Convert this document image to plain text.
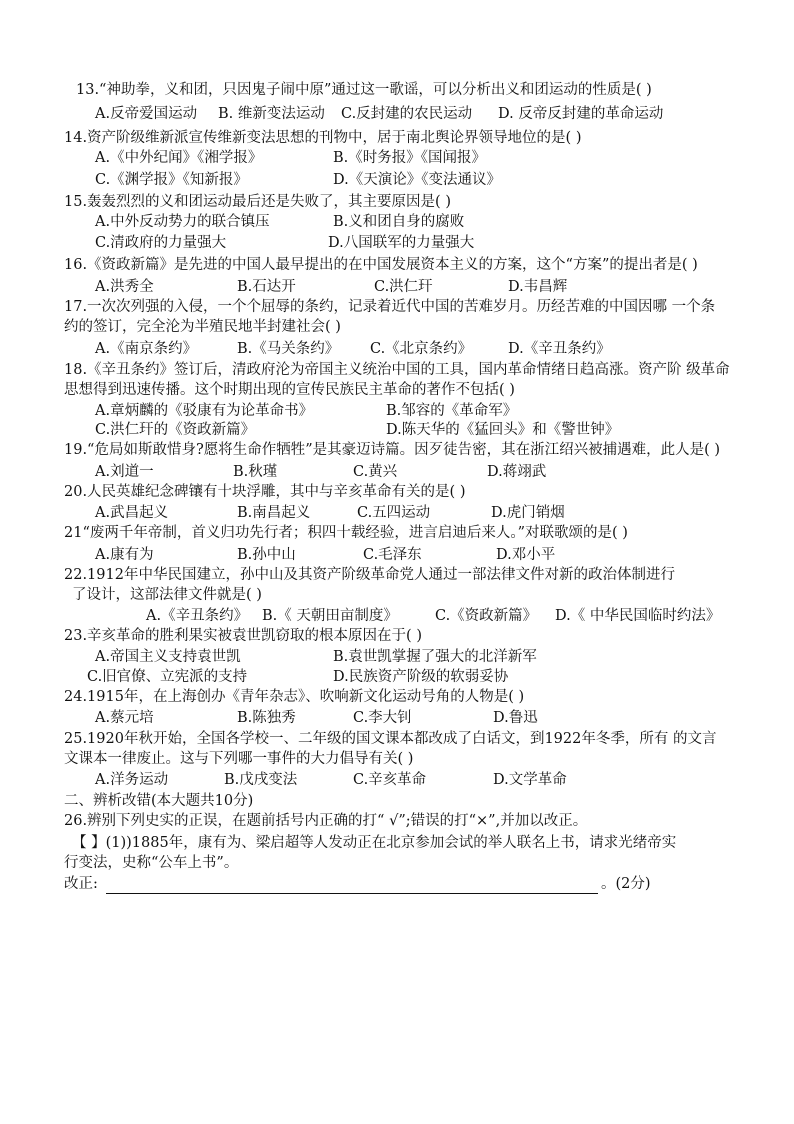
13.“神助拳，义和团，只因鬼子闹中原”通过这一歌谣，可以分析出义和团运动的性质是( )
A.反帝爱国运动 B. 维新变法运动 C.反封建的农民运动 D. 反帝反封建的革命运动
14.资产阶级维新派宣传维新变法思想的刊物中，居于南北舆论界领导地位的是( )
A.《中外纪闻》《湘学报》	B.《时务报》《国闻报》
C.《渊学报》《知新报》	D.《天演论》《变法通议》
15.轰轰烈烈的义和团运动最后还是失败了，其主要原因是( )
A.中外反动势力的联合镇压	B.义和团自身的腐败
C.清政府的力量强大	D.八国联军的力量强大
16.《资政新篇》是先进的中国人最早提出的在中国发展资本主义的方案，这个“方案”的提出者是( )
A.洪秀全	B.石达开	C.洪仁玕	D.韦昌辉
17.一次次列强的入侵，一个个屈辱的条约，记录着近代中国的苦难岁月。历经苦难的中国因哪 一个条
约的签订，完全沦为半殖民地半封建社会( )
A.《南京条约》	B.《马关条约》 C.《北京条约》 D.《辛丑条约》
18.《辛丑条约》签订后，清政府沦为帝国主义统治中国的工具，国内革命情绪日趋高涨。资产阶 级革命
思想得到迅速传播。这个时期出现的宣传民族民主革命的著作不包括( )
A.章炳麟的《驳康有为论革命书》	B.邹容的《革命军》
C.洪仁玕的《资政新篇》	D.陈天华的《猛回头》和《警世钟》
19.“危局如斯敢惜身?愿将生命作牺牲”是其豪迈诗篇。因歹徒告密，其在浙江绍兴被捕遇难，此人是( )
A.刘道一	B.秋瑾	C.黄兴	D.蒋翊武
20.人民英雄纪念碑镶有十块浮雕，其中与辛亥革命有关的是( )
A.武昌起义	B.南昌起义	C.五四运动	D.虎门销烟
21“废两千年帝制，首义归功先行者；积四十载经验，进言启迪后来人。”对联歌颂的是( )
A.康有为	B.孙中山	C.毛泽东	D.邓小平
22.1912年中华民国建立，孙中山及其资产阶级革命党人通过一部法律文件对新的政治体制进行
了设计，这部法律文件就是( )
A.《辛丑条约》 B.《 天朝田亩制度》	C.《资政新篇》 D.《 中华民国临时约法》
23.辛亥革命的胜利果实被袁世凯窃取的根本原因在于( )
A.帝国主义支持袁世凯	B.袁世凯掌握了强大的北洋新军
C.旧官僚、立宪派的支持	D.民族资产阶级的软弱妥协
24.1915年，在上海创办《青年杂志》、吹响新文化运动号角的人物是( )
A.蔡元培	B.陈独秀	C.李大钊	D.鲁迅
25.1920年秋开始，全国各学校一、二年级的国文课本都改成了白话文，到1922年冬季，所有 的文言
文课本一律废止。这与下列哪一事件的大力倡导有关( )
A.洋务运动	B.戊戌变法	C.辛亥革命	D.文学革命
二、辨析改错(本大题共10分)
26.辨别下列史实的正误，在题前括号内正确的打“ √”;错误的打“×”,并加以改正。
【 】(1))1885年，康有为、梁启超等人发动正在北京参加会试的举人联名上书，请求光绪帝实
行变法，史称“公车上书”。
改正:	。(2分)
